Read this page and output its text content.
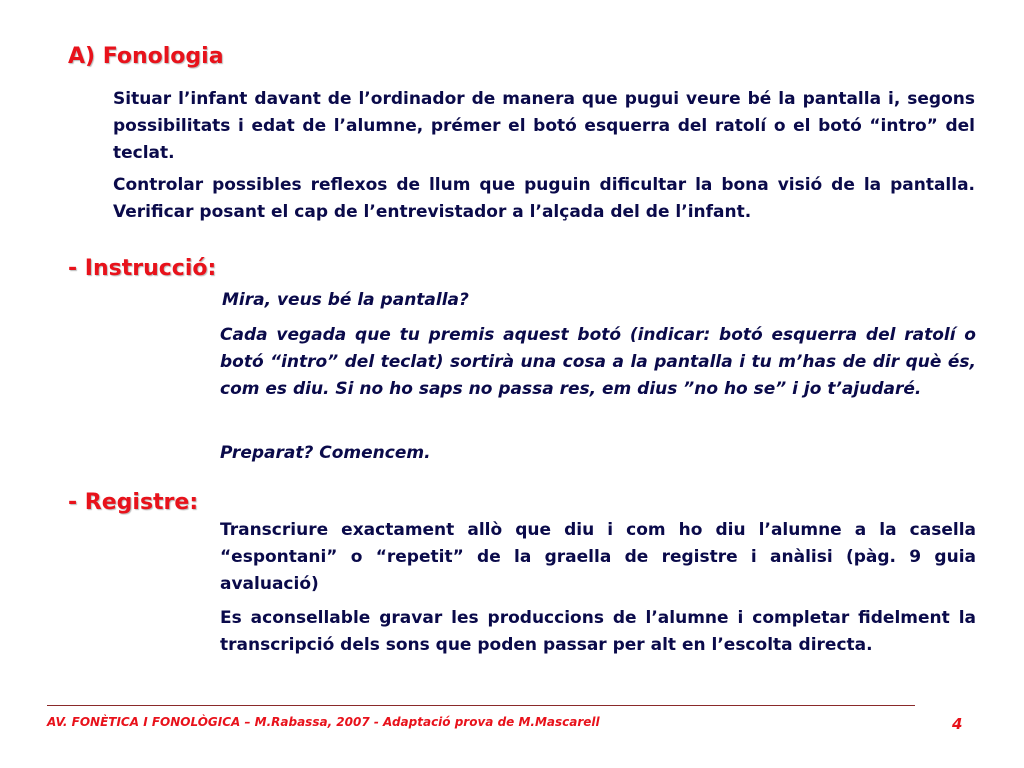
A) Fonologia

Situar l’infant davant de l’ordinador de manera que pugui veure bé la pantalla i, segons possibilitats i edat de l’alumne, prémer el botó esquerra del ratolí o el botó “intro” del teclat.

Controlar possibles reflexos de llum que puguin dificultar la bona visió de la pantalla. Verificar posant el cap de l’entrevistador a l’alçada del de l’infant.

- Instrucció:

Mira, veus bé la pantalla?

Cada vegada que tu premis aquest botó (indicar: botó esquerra del ratolí o botó “intro” del teclat) sortirà una cosa a la pantalla i tu m’has de dir què és, com es diu. Si no ho saps no passa res, em dius ”no ho se” i jo t’ajudaré.

Preparat? Comencem.

- Registre:

Transcriure exactament allò que diu i com ho diu l’alumne a la casella “espontani” o “repetit” de la graella de registre i anàlisi (pàg. 9 guia avaluació)

Es aconsellable gravar les produccions de l’alumne i completar fidelment la transcripció dels sons que poden passar per alt en l’escolta directa.

AV. FONÈTICA I FONOLÒGICA – M.Rabassa, 2007 - Adaptació prova de M.Mascarell	4
